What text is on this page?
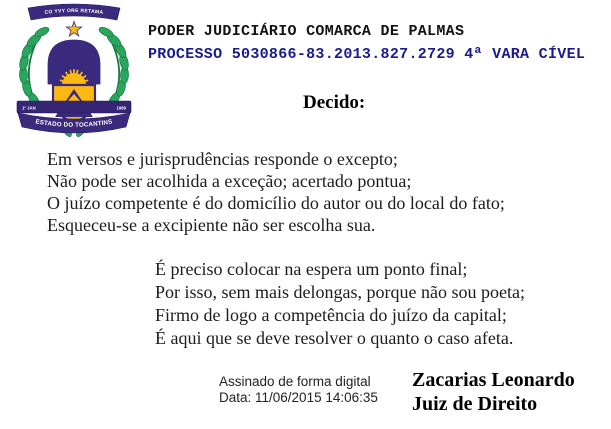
CO YVY ORE RETAMA
1º JAN	1989
ESTADO DO TOCANTINS
PODER JUDICIÁRIO COMARCA DE PALMAS
PROCESSO 5030866-83.2013.827.2729 4ª VARA CÍVEL
Decido:
Em versos e jurisprudências responde o excepto;
Não pode ser acolhida a exceção; acertado pontua;
O juízo competente é do domicílio do autor ou do local do fato;
Esqueceu-se a excipiente não ser escolha sua.
É preciso colocar na espera um ponto final;
Por isso, sem mais delongas, porque não sou poeta;
Firmo de logo a competência do juízo da capital;
É aqui que se deve resolver o quanto o caso afeta.
Assinado de forma digital
Data: 11/06/2015 14:06:35
Zacarias Leonardo
Juiz de Direito
